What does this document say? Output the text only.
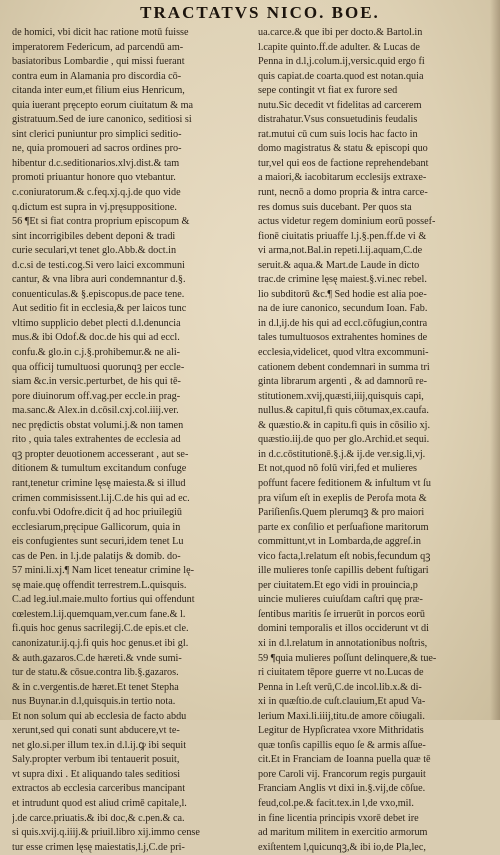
TRACTATVS NICO. BOE.
de homici, vbi dicit hac ratione motū fuisse
imperatorem Federicum, ad parcendū am-
basiatoribus Lombardie , qui missi fuerant
contra eum in Alamania pro discordia cō-
citanda inter eum,et filium eius Henricum,
quia iuerant pręcepto eorum ciuitatum & ma
gistratuum.Sed de iure canonico, seditiosi si
sint clerici puniuntur pro simplici seditio-
ne, quia promoueri ad sacros ordines pro-
hibentur d.c.seditionarios.xlvj.dist.& tam
promoti priuantur honore quo vtebantur.
c.coniuratorum.& c.feq.xj.q.j.de quo vide
q.dictum est supra in vj.pręsuppositione.
56 ¶Et si fiat contra proprium episcopum &
sint incorrigibiles debent deponi & tradi
curie seculari,vt tenet glo.Abb.& doct.in
d.c.si de testi.cog.Si vero laici excommuni
cantur, & vna libra auri condemnantur d.§.
conuenticulas.& §.episcopus.de pace tene.
Aut seditio fit in ecclesia,& per laicos tunc
vltimo supplicio debet plecti d.l.denuncia
mus.& ibi Odof.& doc.de his qui ad eccl.
confu.& glo.in c.j.§.prohibemur.& ne ali-
qua officij tumultuosi quorunqꝫ per eccle-
siam &c.in versic.perturbet, de his qui tē-
pore diuinorum off.vag.per eccle.in prag-
ma.sanc.& Alex.in d.cōsil.cxj.col.iiij.ver.
nec prędictis obstat volumi.j.& non tamen
rito , quia tales extrahentes de ecclesia ad
qꝫ propter deuotionem accesserant , aut se-
ditionem & tumultum excitandum confuge
rant,tenetur crimine lęsę maiesta.& si illud
crimen commisissent.l.ij.C.de his qui ad ec.
confu.vbi Odofre.dicit q̄ ad hoc priuilegiū
ecclesiarum,pręcipue Gallicorum, quia in
eis confugientes sunt securi,idem tenet Lu
cas de Pen. in l.j.de palatijs & domib. do-
57 mini.li.xj.¶ Nam licet teneatur crimine lę-
sę maie.quę offendit terrestrem.L.quisquis.
C.ad leg.iul.maie.multo fortius qui offendunt
cœlestem.l.ij.quemquam,ver.cum fane.& l.
fi.quis hoc genus sacrilegij.C.de epis.et cle.
canonizatur.ij.q.j.fi quis hoc genus.et ibi gl.
& auth.gazaros.C.de hæreti.& vnde sumi-
tur de statu.& cōsue.contra lib.§.gazaros.
& in c.vergentis.de hæret.Et tenet Stepha
nus Buynar.in d.l,quisquis.in tertio nota.
Et non solum qui ab ecclesia de facto abdu
xerunt,sed qui conati sunt abducere,vt te-
net glo.si.per illum tex.in d.l.ij.ꝙ ibi sequit
Saly.propter verbum ibi tentauerit posuit,
vt supra dixi . Et aliquando tales seditiosi
extractos ab ecclesia carceribus mancipant
et intrudunt quod est aliud crimē capitale,l.
j.de carce.priuatis.& ibi doc,& c.pen.& ca.
si quis.xvij.q.iiij.& priuil.libro xij.immo cense
tur esse crimen lęsę maiestatis,l.j,C.de pri-
ua.carce.& que ibi per docto.& Bartol.in
l.capite quinto.ff.de adulter. & Lucas de
Penna in d.l,j.colum.ij,versic.quid ergo fi
quis capiat.de coarta.quod est notan.quia
sepe contingit vt fiat ex furore sed
nutu.Sic decedit vt fidelitas ad carcerem
distrahatur.Vsus consuetudinis feudalis
rat.mutui cū cum suis locis hac facto in
domo magistratus & statu & episcopi quo
tur,vel qui eos de factione reprehendebant
a maiori,& iacobitarum ecclesijs extraxe-
runt, necnō a domo propria & intra carce-
res domus suis ducebant. Per quos sta
actus videtur regem dominium eorū possef-
fionē ciuitatis priuaffe l.j.§.pen.ff.de vi &
vi arma,not.Bal.in repeti.l.ij.aquam,C.de
seruit.& aqua.& Mart.de Laude in dicto
trac.de crimine lęsę maiest.§.vi.nec rebel.
lio subditorū &c.¶ Sed hodie est alia poe-
na de iure canonico, secundum Ioan. Fab.
in d.l,ij.de his qui ad eccl.cōfugiun,contra
tales tumultuosos extrahentes homines de
ecclesia,videlicet, quod vltra excommuni-
cationem debent condemnari in summa tri
ginta librarum argenti , & ad damnorū re-
stitutionem.xvij,quæsti,iiij,quisquis capi,
nullus.& capitul,fi quis cōtumax,ex.caufa.
& quæstio.& in capitu.fi quis in cōsilio xj.
quæstio.iij.de quo per glo.Archid.et sequi.
in d.c.cōstitutionē.§.j.& ij.de ver.sig.li,vj.
Et not,quod nō folū viri,fed et mulieres
poffunt facere feditionem & infultum vt ſu
pra viſum eſt in exeplis de Perofa mota &
Pariſienſis.Quem plerumqꝫ & pro maiori
parte ex conſilio et perſuafione maritorum
committunt,vt in Lombarda,de aggreſ.in
vico facta,l.relatum eſt nobis,fecundum qꝫ
ille mulieres tonſe capillis debent fuſtigari
per ciuitatem.Et ego vidi in prouincia,p
uincie mulieres cuiuſdam caſtri quę præ-
ſentibus maritis ſe irruerūt in porcos eorū
domini temporalis et illos occiderunt vt di
xi in d.l.relatum in annotationibus noſtris,
59 ¶quia mulieres poſſunt delinquere,& tue-
ri ciuitatem tēpore guerre vt no.Lucas de
Penna in l.eſt verū,C.de incol.lib.x.& di-
xi in quæſtio.de cuſt.clauium,Et apud Va-
lerium Maxi.li.iiij,titu.de amore cōiugali.
Legitur de Hypſicratea vxore Mithridatis
quæ tonſis capillis equo ſe & armis aſſue-
cit.Et in Franciam de Ioanna puella quæ tē
pore Caroli vij. Francorum regis purgauit
Franciam Anglis vt dixi in.§.vij,de cōſue.
feud,col.pe.& facit.tex.in l,de vxo,mil.
in fine licentia principis vxorē debet ire
ad maritum militem in exercitio armorum
exiſtentem l,quicunqꝫ,& ibi io,de Pla,lec,
